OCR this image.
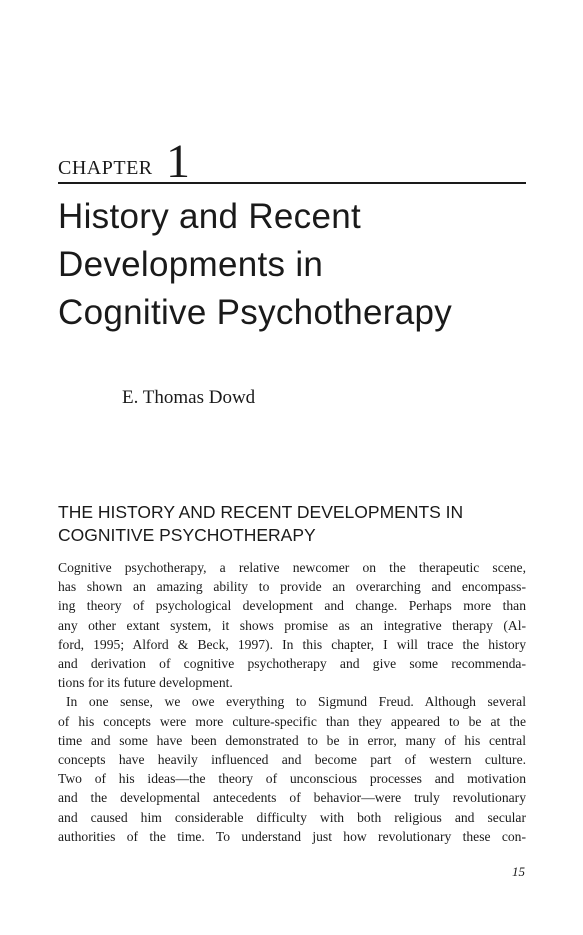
CHAPTER 1
History and Recent
Developments in
Cognitive Psychotherapy
E. Thomas Dowd
THE HISTORY AND RECENT DEVELOPMENTS IN
COGNITIVE PSYCHOTHERAPY
Cognitive psychotherapy, a relative newcomer on the therapeutic scene,
has shown an amazing ability to provide an overarching and encompass-
ing theory of psychological development and change. Perhaps more than
any other extant system, it shows promise as an integrative therapy (Al-
ford, 1995; Alford & Beck, 1997). In this chapter, I will trace the history
and derivation of cognitive psychotherapy and give some recommenda-
tions for its future development.
In one sense, we owe everything to Sigmund Freud. Although several
of his concepts were more culture-specific than they appeared to be at the
time and some have been demonstrated to be in error, many of his central
concepts have heavily influenced and become part of western culture.
Two of his ideas—the theory of unconscious processes and motivation
and the developmental antecedents of behavior—were truly revolutionary
and caused him considerable difficulty with both religious and secular
authorities of the time. To understand just how revolutionary these con-
15
